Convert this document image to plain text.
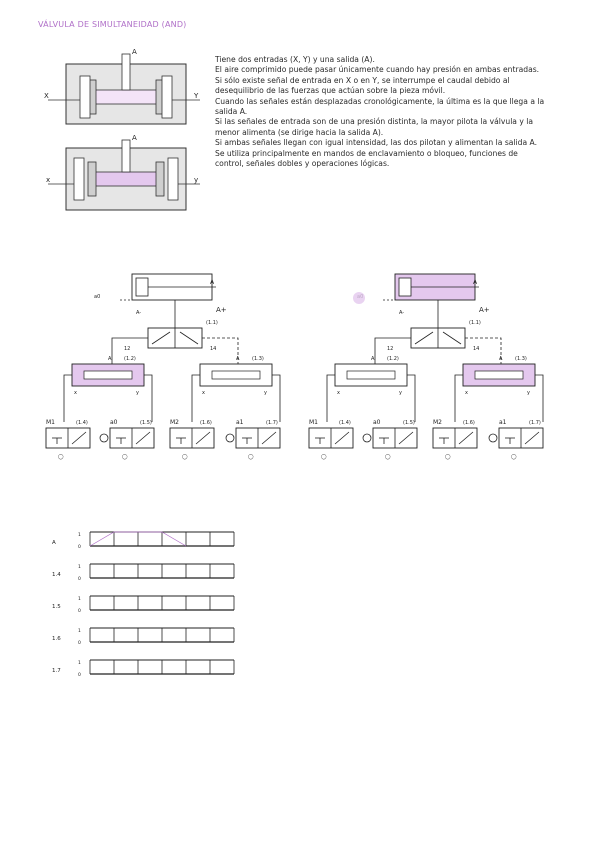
VÁLVULA DE SIMULTANEIDAD (AND)
A
X	Y
A
x	y

Tiene dos entradas (X, Y) y una salida (A).

El aire comprimido puede pasar únicamente cuando hay presión en ambas entradas.

Si sólo existe señal de entrada en X o en Y, se interrumpe el caudal debido al desequilibrio de las fuerzas que actúan sobre la pieza móvil.

Cuando las señales están desplazadas cronológicamente, la última es la que llega a la salida A.

Si las señales de entrada son de una presión distinta, la mayor pilota la válvula y la menor alimenta (se dirige hacia la salida A).

Si ambas señales llegan con igual intensidad, las dos pilotan y alimentan la salida A.

Se utiliza principalmente en mandos de enclavamiento o bloqueo, funciones de control, señales dobles y operaciones lógicas.

A
a0
A+
A-
(1.1)
12	14
(1.2)
x	y
A	(1.3)
x	y
A
(1.4)
M1
◯
(1.5)
a0
◯
(1.6)
M2
◯
(1.7)
a1
◯
A
A+
A-
(1.1)
12	14
(1.2)
x	y
A	(1.3)
x	y
A
(1.4)
M1
◯
(1.5)
a0
◯
(1.6)
M2
◯
(1.7)
a1
◯
A
1
0
1.4
1
0
1.5
1
0
1.6
1
0
1.7
1
0
